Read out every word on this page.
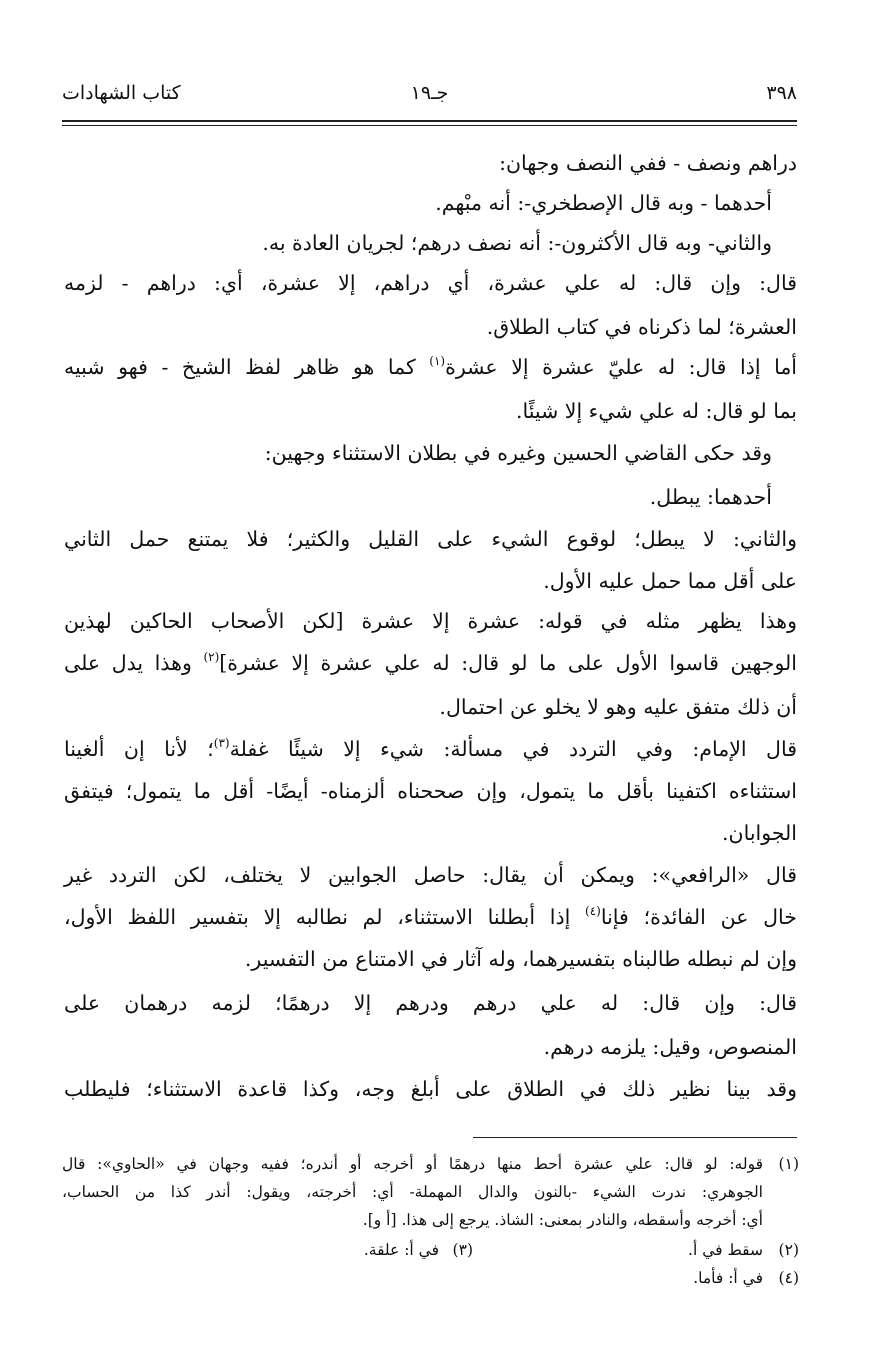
٣٩٨
جـ١٩
كتاب الشهادات
دراهم ونصف - ففي النصف وجهان:
أحدهما - وبه قال الإصطخري-: أنه مبْهم.
والثاني- وبه قال الأكثرون-: أنه نصف درهم؛ لجريان العادة به.
قال: وإن قال: له علي عشرة، أي دراهم، إلا عشرة، أي: دراهم - لزمه
العشرة؛ لما ذكرناه في كتاب الطلاق.
أما إذا قال: له عليّ عشرة إلا عشرة$^{(١)}$ كما هو ظاهر لفظ الشيخ - فهو شبيه
بما لو قال: له علي شيء إلا شيئًا.
وقد حكى القاضي الحسين وغيره في بطلان الاستثناء وجهين:
أحدهما: يبطل.
والثاني: لا يبطل؛ لوقوع الشيء على القليل والكثير؛ فلا يمتنع حمل الثاني
على أقل مما حمل عليه الأول.
وهذا يظهر مثله في قوله: عشرة إلا عشرة [لكن الأصحاب الحاكين لهذين
الوجهين قاسوا الأول على ما لو قال: له علي عشرة إلا عشرة]$^{(٢)}$ وهذا يدل على
أن ذلك متفق عليه وهو لا يخلو عن احتمال.
قال الإمام: وفي التردد في مسألة: شيء إلا شيئًا غفلة$^{(٣)}$؛ لأنا إن ألغينا
استثناءه اكتفينا بأقل ما يتمول، وإن صححناه ألزمناه- أيضًا- أقل ما يتمول؛ فيتفق
الجوابان.
قال «الرافعي»: ويمكن أن يقال: حاصل الجوابين لا يختلف، لكن التردد غير
خال عن الفائدة؛ فإنا$^{(٤)}$ إذا أبطلنا الاستثناء، لم نطالبه إلا بتفسير اللفظ الأول،
وإن لم نبطله طالبناه بتفسيرهما، وله آثار في الامتناع من التفسير.
قال: وإن قال: له علي درهم ودرهم إلا درهمًا؛ لزمه درهمان على
المنصوص، وقيل: يلزمه درهم.
وقد بينا نظير ذلك في الطلاق على أبلغ وجه، وكذا قاعدة الاستثناء؛ فليطلب
(١)
قوله: لو قال: علي عشرة أحط منها درهمًا أو أخرجه أو أندره؛ ففيه وجهان في «الحاوي»: قال
الجوهري: ندرت الشيء -بالنون والدال المهملة- أي: أخرجته، ويقول: أندر كذا من الحساب،
أي: أخرجه وأسقطه، والنادر بمعنى: الشاذ. يرجع إلى هذا. [أ و].
(٢)
سقط في أ.
(٣)
في أ: علقة.
(٤)
في أ: فأما.
